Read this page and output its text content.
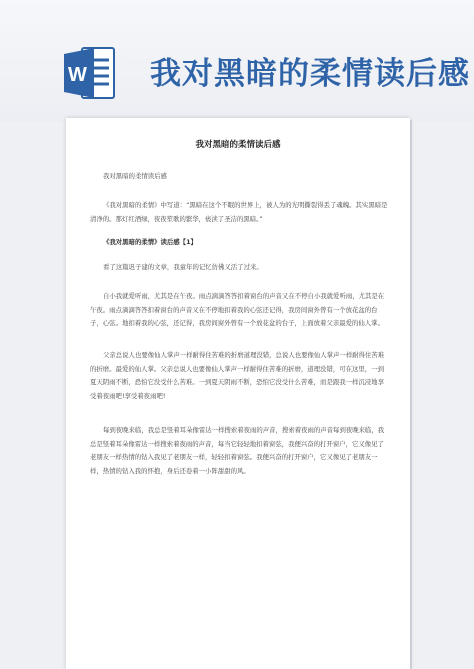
W 我对黑暗的柔情读后感
我对黑暗的柔情读后感
我对黑暗的柔情读后感
《我对黑暗的柔情》中写道：“黑暗在这个不眠的世界上，被人为的光明撕裂得丢了魂魄。其实黑暗是清净的。那灯红酒绿，夜夜笙歌的繁华，亵渎了圣洁的黑暗。”
《我对黑暗的柔情》读后感【1】
看了这篇迟子建的文章，我童年的记忆仿佛又活了过来。
自小我就爱听雨，尤其是在午夜。雨点滴滴答答扣着窗台的声音又在不停自小我就爱听雨，尤其是在午夜。雨点滴滴答答扣着窗台的声音又在不停地扣着我的心弦还记得，我房间窗外曾有一个放花盆的台子，心弦。地扣着我的心弦，还记得，我房间窗外曾有一个放花盆的台子，上面放着父亲最爱的仙人掌。
父亲总说人也要像仙人掌声一样耐得住苦难的折磨道理没错，总说人也要像仙人掌声一样耐得住苦难的折磨。最爱的仙人掌。父亲总说人也要像仙人掌声一样耐得住苦难的折磨，道理没错，可在这里，一到夏天阴雨不断，恐怕它没受什么苦难。一到夏天阴雨不断，恐怕它没受什么苦难，而是跟我一样沉浸地享受着夜雨吧!享受着夜雨吧!
每到夜晚来临，我总是竖着耳朵像雷达一样搜索着夜雨的声音，搜索着夜雨的声音每到夜晚来临，我总是竖着耳朵像雷达一样搜索着夜雨的声音，每当它轻轻地扣着窗弦，我便兴奋的打开窗户，它又像见了老朋友一样热情的钻入我见了老朋友一样，轻轻扣着窗弦。我便兴奋的打开窗户，它又像见了老朋友一样，热情的钻入我的怀抱，身后还卷着一小阵甜甜的风。
